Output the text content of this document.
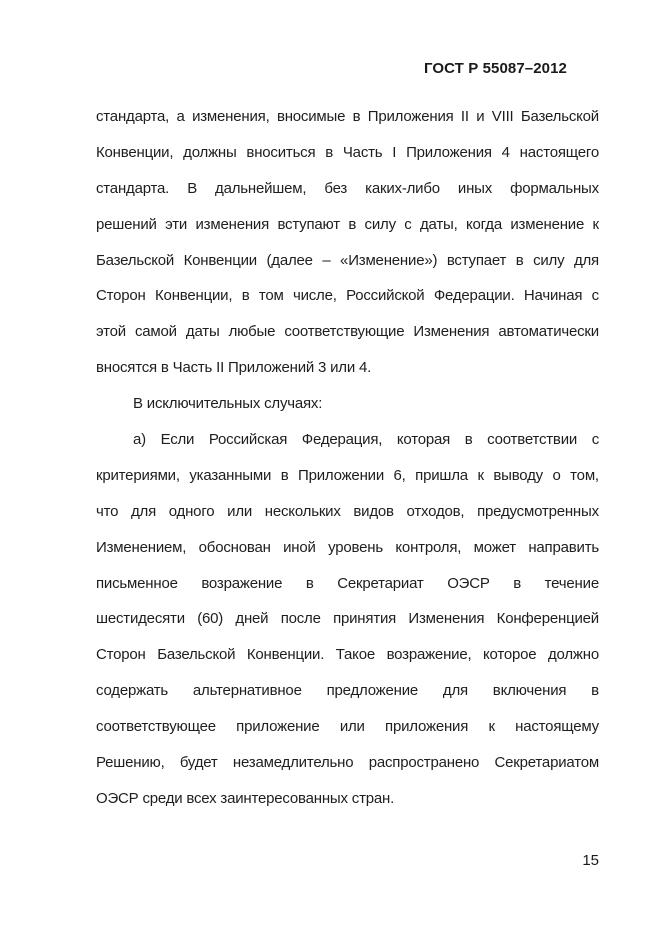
ГОСТ Р 55087–2012
стандарта, а изменения, вносимые в Приложения II и VIII Базельской
Конвенции, должны вноситься в Часть I Приложения 4 настоящего
стандарта. В дальнейшем, без каких-либо иных формальных
решений эти изменения вступают в силу с даты, когда изменение к
Базельской Конвенции (далее – «Изменение») вступает в силу для
Сторон Конвенции, в том числе, Российской Федерации. Начиная с
этой самой даты любые соответствующие Изменения автоматически
вносятся в Часть II Приложений 3 или 4.
В исключительных случаях:
а) Если Российская Федерация, которая в соответствии с
критериями, указанными в Приложении 6, пришла к выводу о том,
что для одного или нескольких видов отходов, предусмотренных
Изменением, обоснован иной уровень контроля, может направить
письменное возражение в Секретариат ОЭСР в течение
шестидесяти (60) дней после принятия Изменения Конференцией
Сторон Базельской Конвенции. Такое возражение, которое должно
содержать альтернативное предложение для включения в
соответствующее приложение или приложения к настоящему
Решению, будет незамедлительно распространено Секретариатом
ОЭСР среди всех заинтересованных стран.
15
